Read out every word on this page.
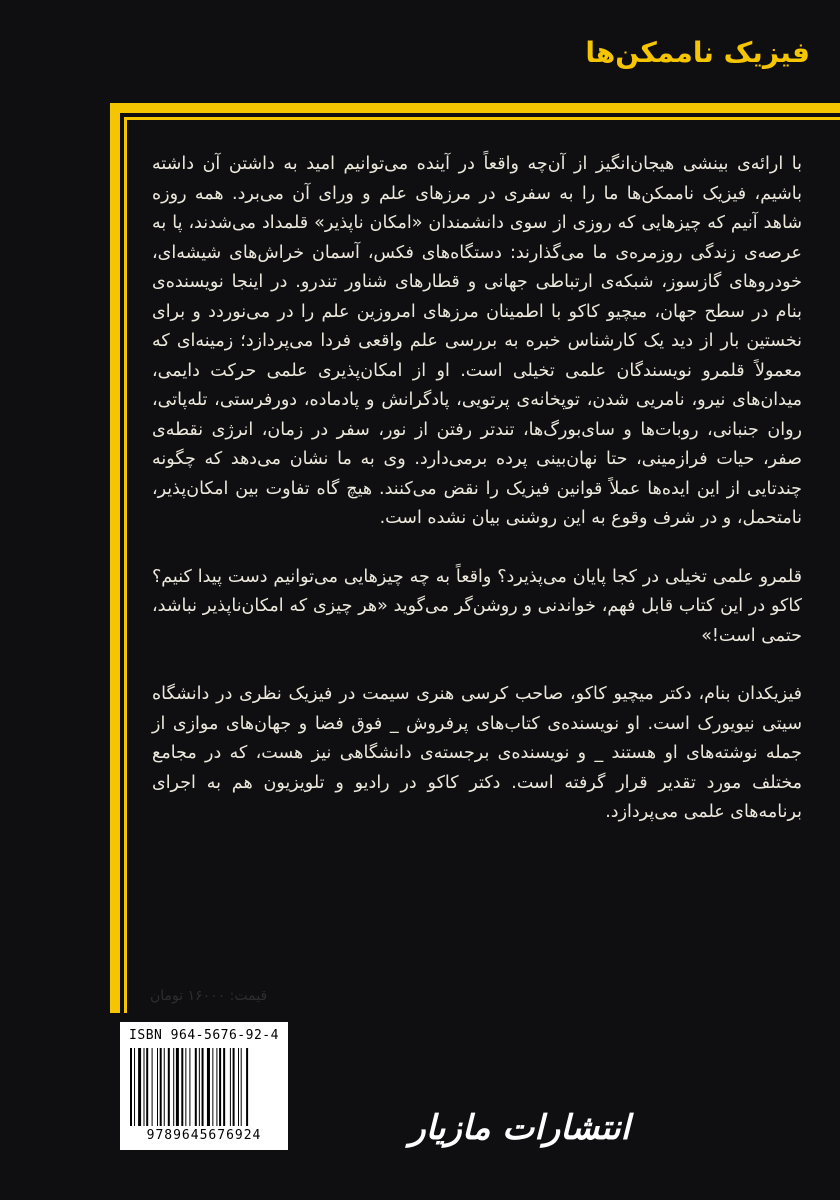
فیزیک ناممکن‌ها

با ارائه‌ی بینشی هیجان‌انگیز از آن‌چه واقعاً در آینده می‌توانیم امید به داشتن آن داشته باشیم، فیزیک ناممکن‌ها ما را به سفری در مرزهای علم و ورای آن می‌برد. همه روزه شاهد آنیم که چیزهایی که روزی از سوی دانشمندان «امکان ناپذیر» قلمداد می‌شدند، پا به عرصه‌ی زندگی روزمره‌ی ما می‌گذارند: دستگاه‌های فکس، آسمان خراش‌های شیشه‌ای، خودروهای گازسوز، شبکه‌ی ارتباطی جهانی و قطارهای شناور تندرو. در اینجا نویسنده‌ی بنام در سطح جهان، میچیو کاکو با اطمینان مرزهای امروزین علم را در می‌نوردد و برای نخستین بار از دید یک کارشناس خبره به بررسی علم واقعی فردا می‌پردازد؛ زمینه‌ای که معمولاً قلمرو نویسندگان علمی تخیلی است. او از امکان‌پذیری علمی حرکت دایمی، میدان‌های نیرو، نامریی شدن، توپخانه‌ی پرتویی، پادگرانش و پادماده، دورفرستی، تله‌پاتی، روان جنبانی، روبات‌ها و سای‌بورگ‌ها، تندتر رفتن از نور، سفر در زمان، انرژی نقطه‌ی صفر، حیات فرازمینی، حتا نهان‌بینی پرده برمی‌دارد. وی به ما نشان می‌دهد که چگونه چندتایی از این ایده‌ها عملاً قوانین فیزیک را نقض می‌کنند. هیچ گاه تفاوت بین امکان‌پذیر، نامتحمل، و در شرف وقوع به این روشنی بیان نشده است.

قلمرو علمی تخیلی در کجا پایان می‌پذیرد؟ واقعاً به چه چیزهایی می‌توانیم دست پیدا کنیم؟ کاکو در این کتاب قابل فهم، خواندنی و روشن‌گر می‌گوید «هر چیزی که امکان‌ناپذیر نباشد، حتمی است!»

فیزیکدان بنام، دکتر میچیو کاکو، صاحب کرسی هنری سیمت در فیزیک نظری در دانشگاه سیتی نیویورک است. او نویسنده‌ی کتاب‌های پرفروش _ فوق فضا و جهان‌های موازی از جمله نوشته‌های او هستند _ و نویسنده‌ی برجسته‌ی دانشگاهی نیز هست، که در مجامع مختلف مورد تقدیر قرار گرفته است. دکتر کاکو در رادیو و تلویزیون هم به اجرای برنامه‌های علمی می‌پردازد.

قیمت: ۱۶۰۰۰ تومان
ISBN 964-5676-92-4
9789645676924	انتشارات مازیار
